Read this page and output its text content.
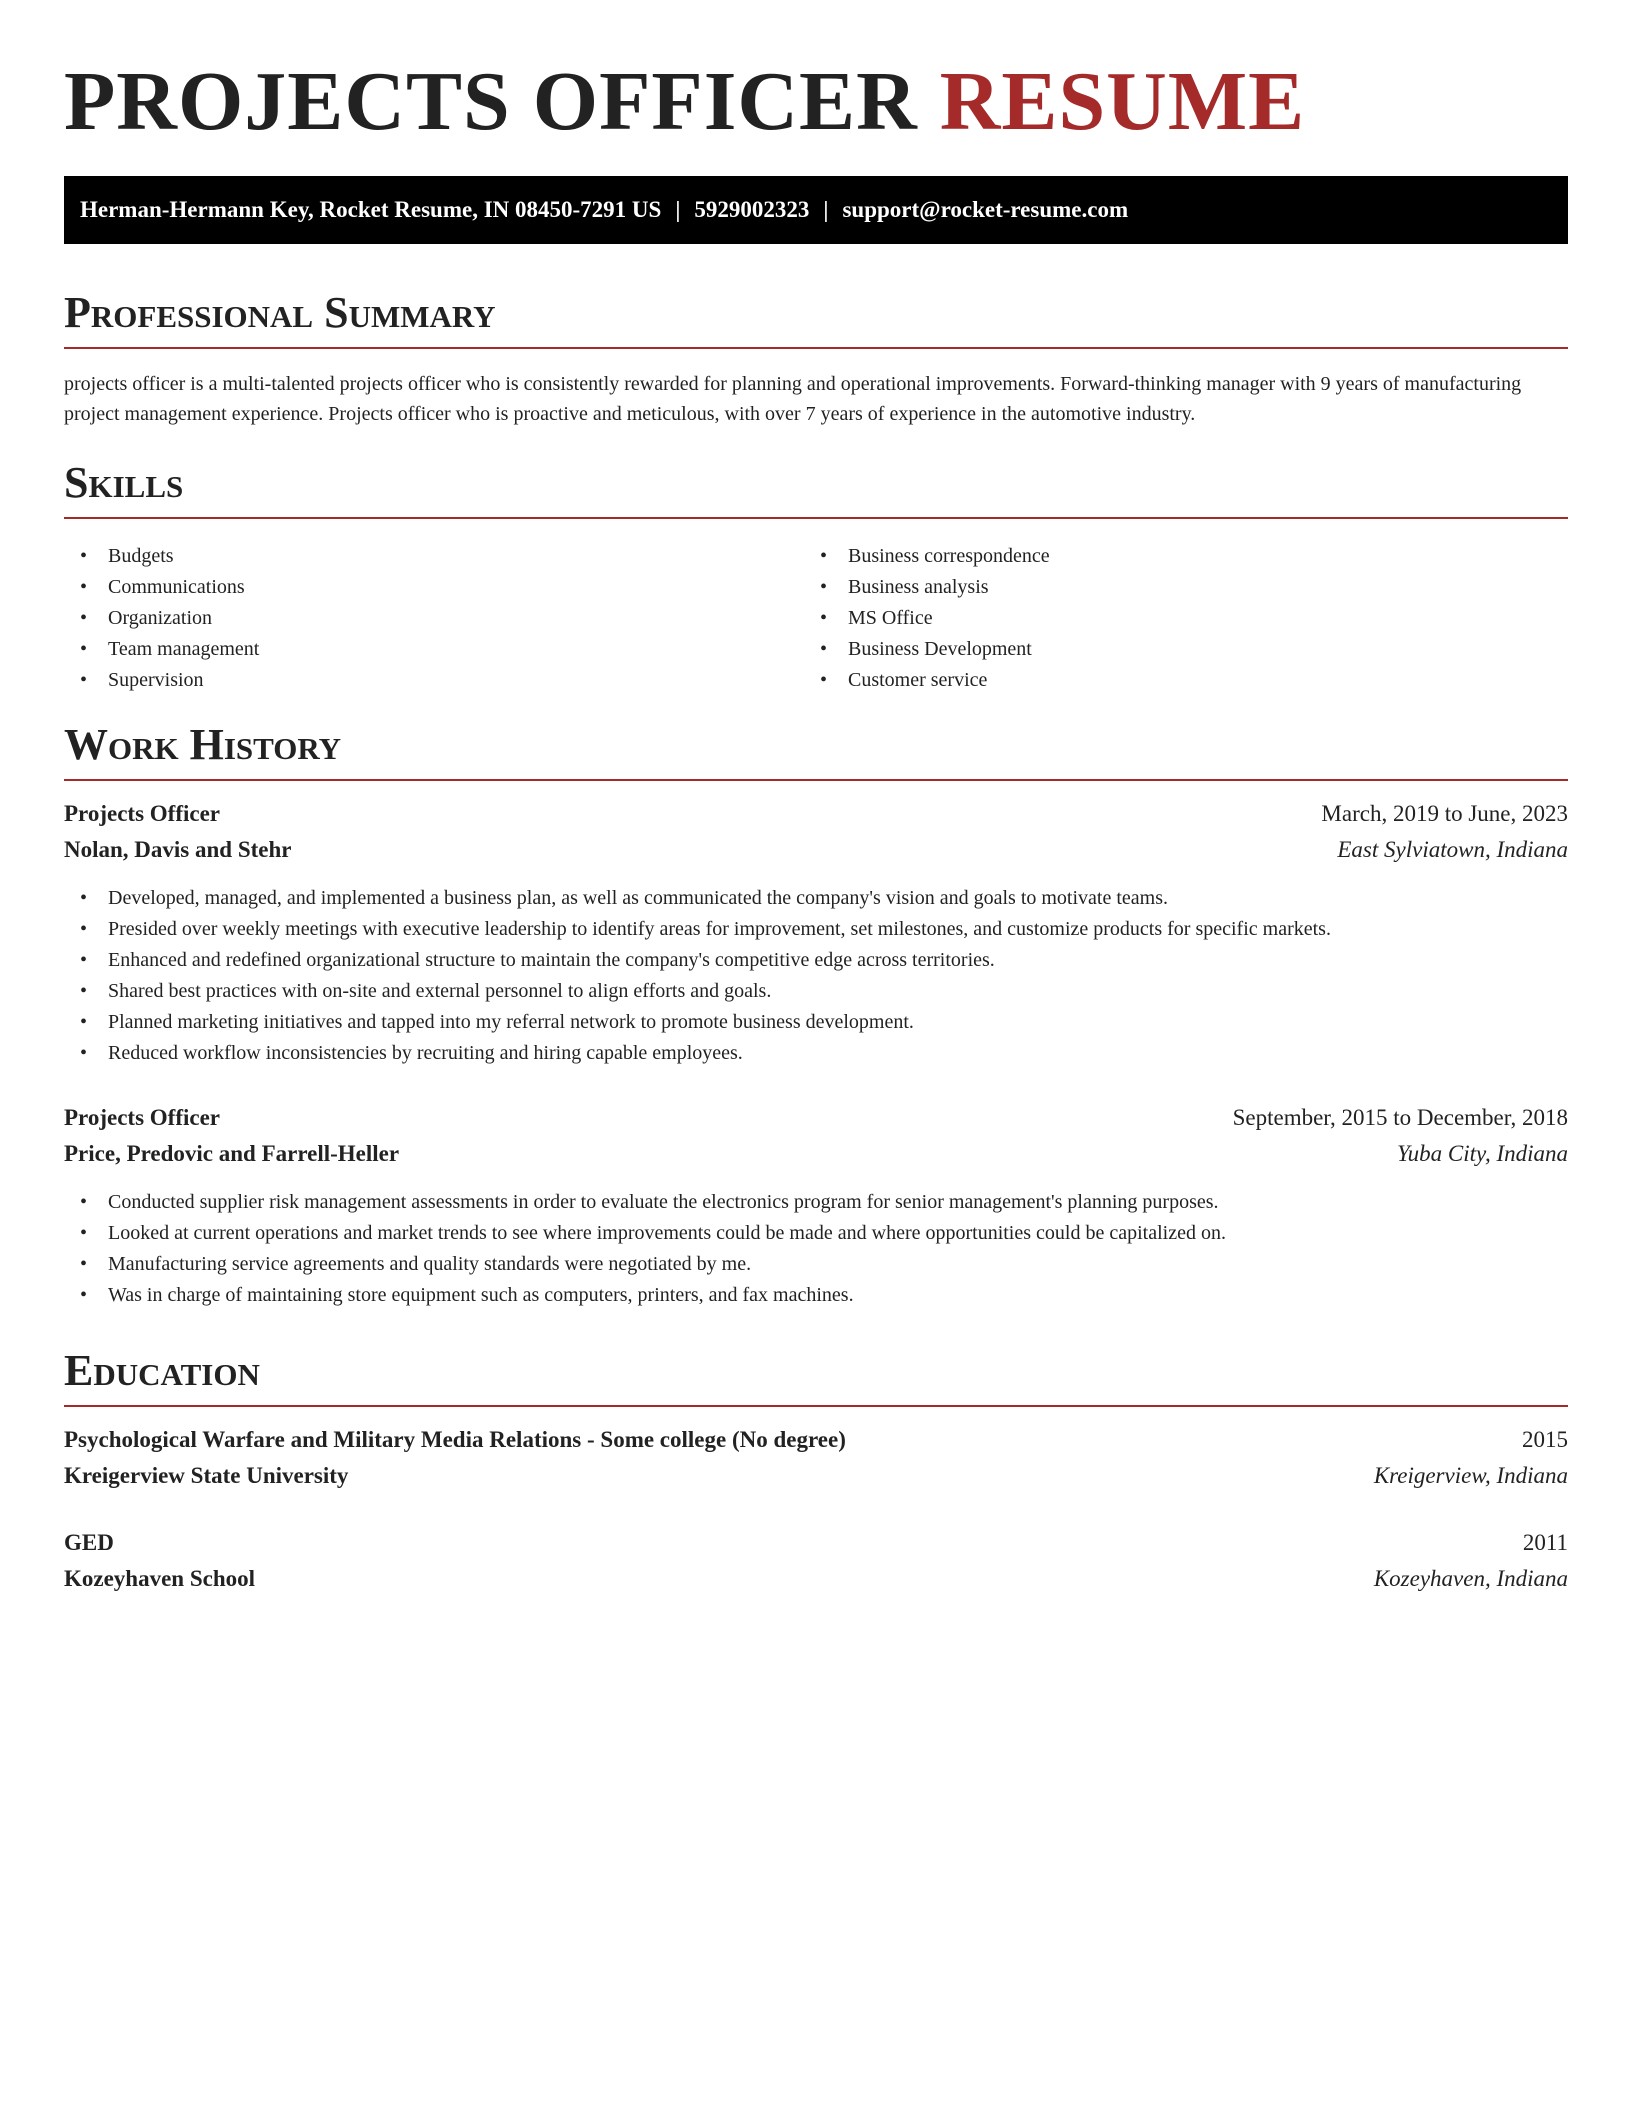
PROJECTS OFFICER RESUME
Herman-Hermann Key, Rocket Resume, IN 08450-7291 US | 5929002323 | support@rocket-resume.com
Professional Summary

projects officer is a multi-talented projects officer who is consistently rewarded for planning and operational improvements. Forward-thinking manager with 9 years of manufacturing project management experience. Projects officer who is proactive and meticulous, with over 7 years of experience in the automotive industry.

Skills
• Budgets
• Communications
• Organization
• Team management
• Supervision
• Business correspondence
• Business analysis
• MS Office
• Business Development
• Customer service
Work History
Projects Officer	March, 2019 to June, 2023
Nolan, Davis and Stehr	East Sylviatown, Indiana
• Developed, managed, and implemented a business plan, as well as communicated the company's vision and goals to motivate teams.
• Presided over weekly meetings with executive leadership to identify areas for improvement, set milestones, and customize products for specific markets.
• Enhanced and redefined organizational structure to maintain the company's competitive edge across territories.
• Shared best practices with on-site and external personnel to align efforts and goals.
• Planned marketing initiatives and tapped into my referral network to promote business development.
• Reduced workflow inconsistencies by recruiting and hiring capable employees.
Projects Officer	September, 2015 to December, 2018
Price, Predovic and Farrell-Heller	Yuba City, Indiana
• Conducted supplier risk management assessments in order to evaluate the electronics program for senior management's planning purposes.
• Looked at current operations and market trends to see where improvements could be made and where opportunities could be capitalized on.
• Manufacturing service agreements and quality standards were negotiated by me.
• Was in charge of maintaining store equipment such as computers, printers, and fax machines.
Education
Psychological Warfare and Military Media Relations - Some college (No degree)	2015
Kreigerview State University	Kreigerview, Indiana
GED	2011
Kozeyhaven School	Kozeyhaven, Indiana
